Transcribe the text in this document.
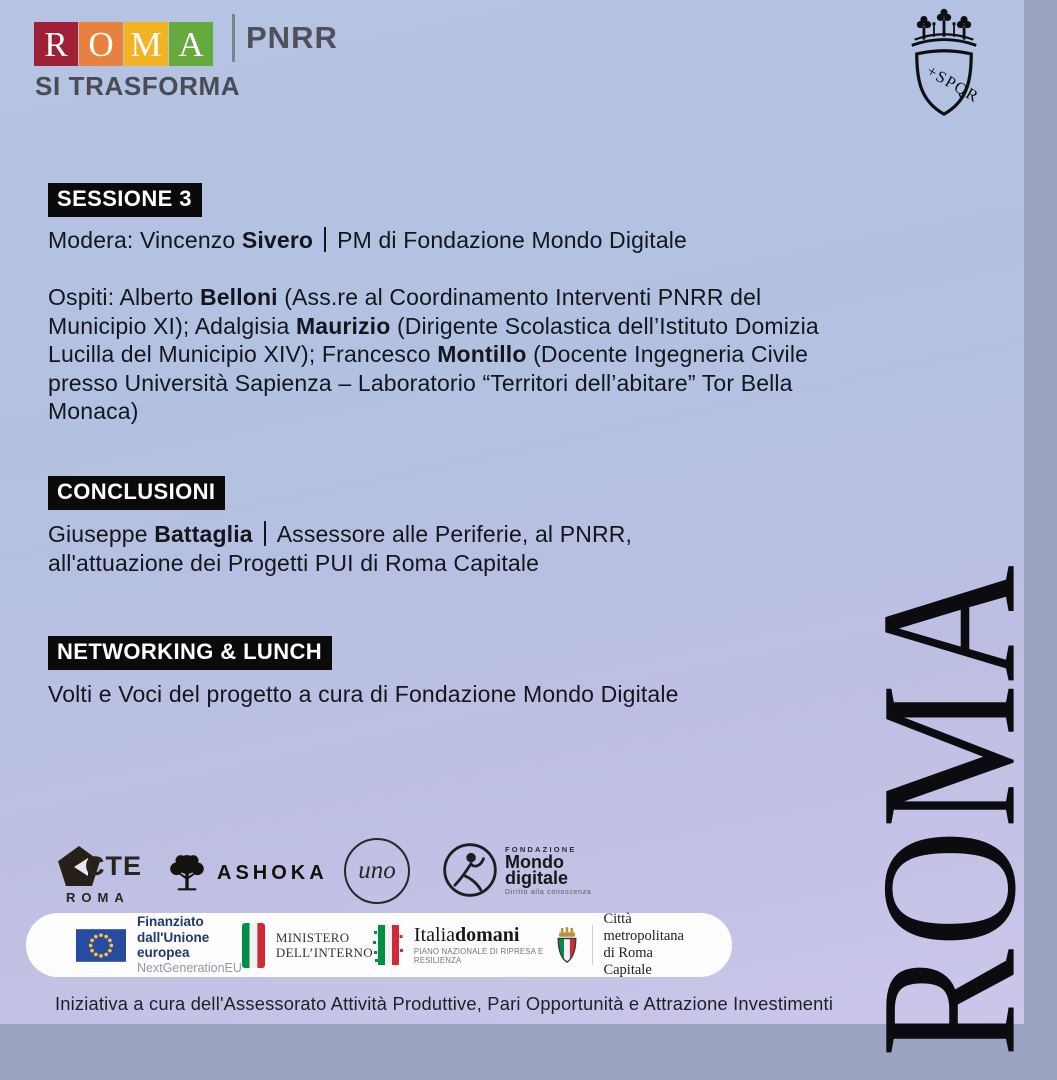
R O M A
SI TRASFORMA
PNRR
+SPQR
SESSIONE 3
Modera: Vincenzo Sivero PM di Fondazione Mondo Digitale
Ospiti: Alberto Belloni (Ass.re al Coordinamento Interventi PNRR del Municipio XI); Adalgisia Maurizio (Dirigente Scolastica dell’Istituto Domizia Lucilla del Municipio XIV); Francesco Montillo (Docente Ingegneria Civile presso Università Sapienza – Laboratorio “Territori dell’abitare” Tor Bella Monaca)
CONCLUSIONI
Giuseppe Battaglia Assessore alle Periferie, al PNRR, all'attuazione dei Progetti PUI di Roma Capitale
NETWORKING & LUNCH
Volti e Voci del progetto a cura di Fondazione Mondo Digitale	ROMA
CTE
ROMA
ASHOKA uno
FONDAZIONE
Mondo
digitale
Diritto alla conoscenza
Finanziato
dall'Unione europea
NextGenerationEU
MINISTERO
DELL’INTERNO
Italiadomani
PIANO NAZIONALE DI RIPRESA E RESILIENZA
Città metropolitana
di Roma Capitale
Iniziativa a cura dell'Assessorato Attività Produttive, Pari Opportunità e Attrazione Investimenti
